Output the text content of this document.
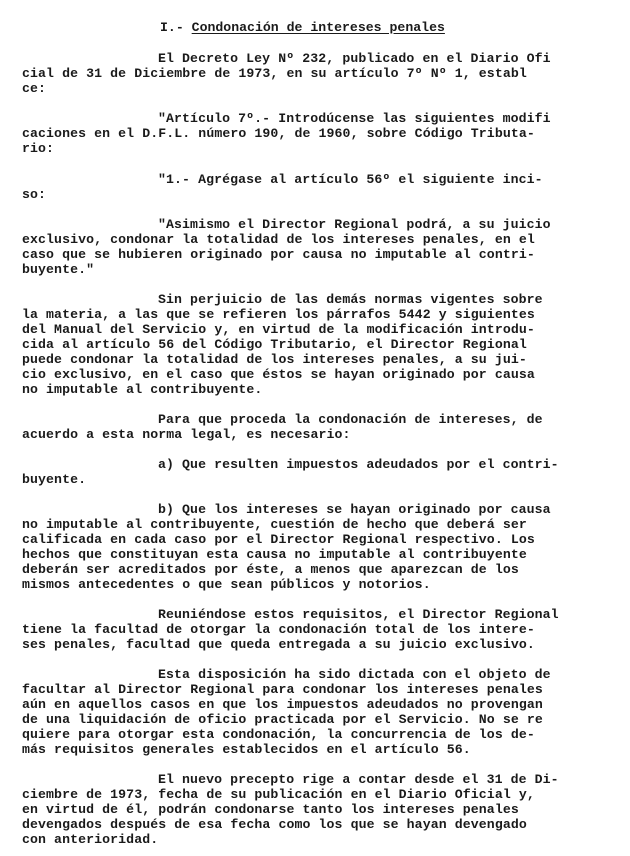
I.- Condonación de intereses penales
El Decreto Ley Nº 232, publicado en el Diario Ofi
cial de 31 de Diciembre de 1973, en su artículo 7º Nº 1, establ
ce:
"Artículo 7º.- Introdúcense las siguientes modifi
caciones en el D.F.L. número 190, de 1960, sobre Código Tributa-
rio:
"1.- Agrégase al artículo 56º el siguiente inci-
so:
"Asimismo el Director Regional podrá, a su juicio
exclusivo, condonar la totalidad de los intereses penales, en el
caso que se hubieren originado por causa no imputable al contri-
buyente."
Sin perjuicio de las demás normas vigentes sobre
la materia, a las que se refieren los párrafos 5442 y siguientes
del Manual del Servicio y, en virtud de la modificación introdu-
cida al artículo 56 del Código Tributario, el Director Regional
puede condonar la totalidad de los intereses penales, a su jui-
cio exclusivo, en el caso que éstos se hayan originado por causa
no imputable al contribuyente.
Para que proceda la condonación de intereses, de
acuerdo a esta norma legal, es necesario:
a) Que resulten impuestos adeudados por el contri-
buyente.
b) Que los intereses se hayan originado por causa
no imputable al contribuyente, cuestión de hecho que deberá ser
calificada en cada caso por el Director Regional respectivo. Los
hechos que constituyan esta causa no imputable al contribuyente
deberán ser acreditados por éste, a menos que aparezcan de los
mismos antecedentes o que sean públicos y notorios.
Reuniéndose estos requisitos, el Director Regional
tiene la facultad de otorgar la condonación total de los intere-
ses penales, facultad que queda entregada a su juicio exclusivo.
Esta disposición ha sido dictada con el objeto de
facultar al Director Regional para condonar los intereses penales
aún en aquellos casos en que los impuestos adeudados no provengan
de una liquidación de oficio practicada por el Servicio. No se re
quiere para otorgar esta condonación, la concurrencia de los de-
más requisitos generales establecidos en el artículo 56.
El nuevo precepto rige a contar desde el 31 de Di-
ciembre de 1973, fecha de su publicación en el Diario Oficial y,
en virtud de él, podrán condonarse tanto los intereses penales
devengados después de esa fecha como los que se hayan devengado
con anterioridad.
